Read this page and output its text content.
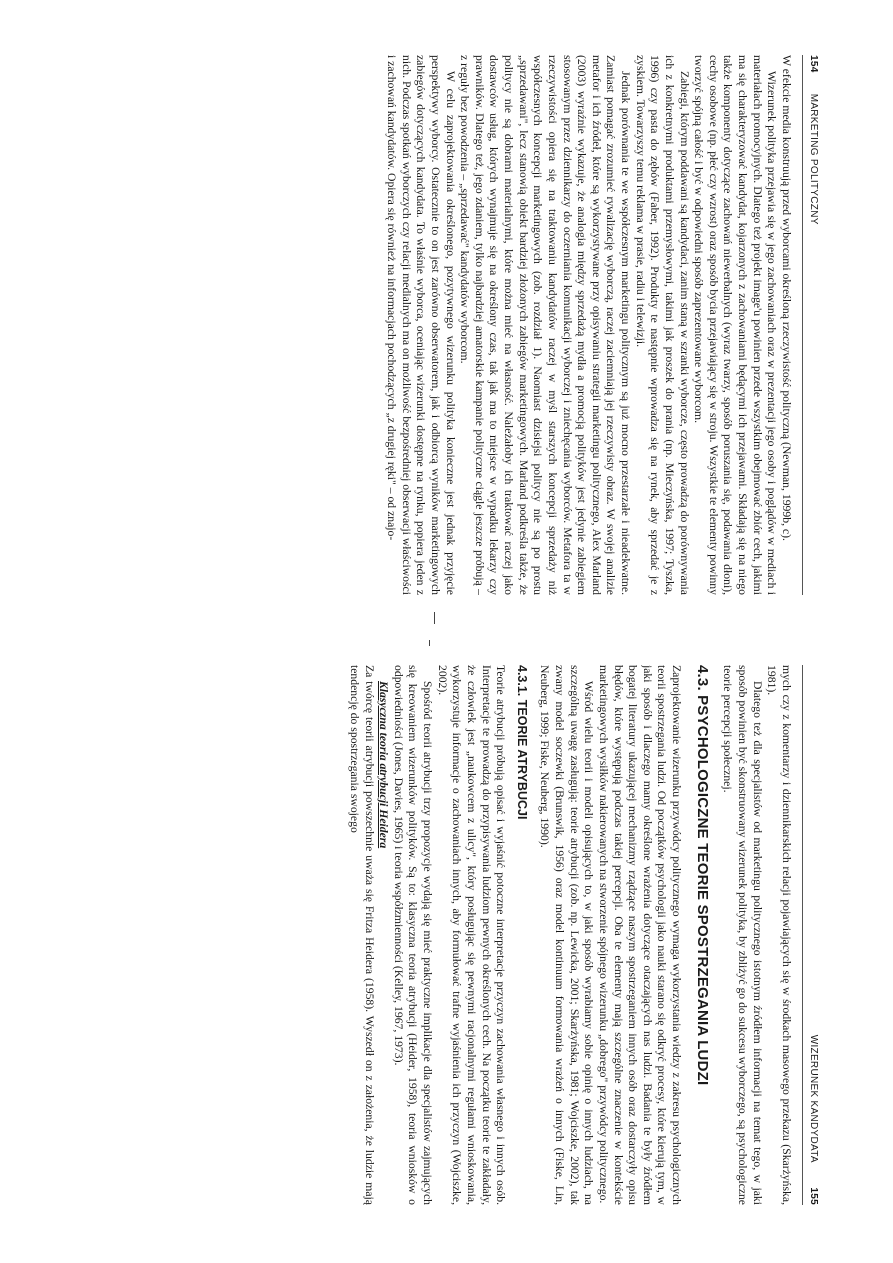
154 MARKETING POLITYCZNY

W efekcie media konstruują przed wyborcami określoną rzeczywistość polityczną (Newman, 1999b, c).

Wizerunek polityka przejawia się w jego zachowaniach oraz w prezentacji jego osoby i poglądów w mediach i materiałach promocyjnych. Dlatego też projekt image'u powinien przede wszystkim obejmować zbiór cech, jakimi ma się charakteryzować kandydat, kojarzonych z zachowaniami będącymi ich przejawami. Składają się na niego także komponenty dotyczące zachowań niewerbalnych (wyraz twarzy, sposób poruszania się, podawania dłoni), cechy osobowe (np. płeć czy wzrost) oraz sposób bycia przejawiający się w stroju. Wszystkie te elementy powinny tworzyć spójną całość i być w odpowiedni sposób zaprezentowane wyborcom.

Zabiegi, którym poddawani są kandydaci, zanim staną w szranki wyborcze, często prowadzą do porównywania ich z konkretnymi produktami przemysłowymi, takimi jak proszek do prania (np. Mieczyńska, 1997; Tyszka, 1996) czy pasta do zębów (Faber, 1992). Produkty te następnie wprowadza się na rynek, aby sprzedać je z zyskiem. Towarzyszy temu reklama w prasie, radiu i telewizji.

Jednak porównania te we współczesnym marketingu politycznym są już mocno przestarzałe i nieadekwatne. Zamiast pomagać zrozumieć rywalizację wyborczą, raczej zaciemniają jej rzeczywisty obraz. W swojej analizie metafor i ich źródeł, które są wykorzystywane przy opisywaniu strategii marketingu politycznego, Alex Marland (2003) wyraźnie wykazuje, że analogia między sprzedażą mydła a promocją polityków jest jedynie zabiegiem stosowanym przez dziennikarzy do oczerniania komunikacji wyborczej i zniechęcania wyborców. Metafora ta w rzeczywistości opiera się na traktowaniu kandydatów raczej w myśl starszych koncepcji sprzedaży niż współczesnych koncepcji marketingowych (zob. rozdział 1). Naomiast dzisiejsi politycy nie są po prostu „sprzedawani", lecz stanowią obiekt bardziej złożonych zabiegów marketingowych. Marland podkreśla także, że politycy nie są dobrami materialnymi, które można mieć na własność. Należałoby ich traktować raczej jako dostawców usług, których wynajmuje się na określony czas, tak jak ma to miejsce w wypadku lekarzy czy prawników. Dlatego też, jego zdaniem, tylko najbardziej amatorskie kampanie polityczne ciągle jeszcze próbują – z reguły bez powodzenia – „sprzedawać" kandydatów wyborcom.

W celu zaprojektowania określonego, pozytywnego wizerunku polityka konieczne jest jednak przyjęcie perspektywy wyborcy. Ostatecznie to on jest zarówno obserwatorem, jak i odbiorcą wyników marketingowych zabiegów dotyczących kandydata. To właśnie wyborca, oceniając wizerunki dostępne na rynku, popiera jeden z nich. Podczas spotkań wyborczych czy relacji medialnych ma on możliwość bezpośredniej obserwacji właściwości i zachowań kandydatów. Opiera się również na informacjach pochodzących „z drugiej ręki" – od znajo-

WIZERUNEK KANDYDATA 155

mych czy z komentarzy i dziennikarskich relacji pojawiających się w środkach masowego przekazu (Skarżyńska, 1981).

Dlatego też dla specjalistów od marketingu politycznego istotnym źródłem informacji na temat tego, w jaki sposób powinien być skonstruowany wizerunek polityka, by zbliżyć go do sukcesu wyborczego, są psychologiczne teorie percepcji społecznej.

4.3. PSYCHOLOGICZNE TEORIE SPOSTRZEGANIA LUDZI

Zaprojektowanie wizerunku przywódcy politycznego wymaga wykorzystania wiedzy z zakresu psychologicznych teorii spostrzegania ludzi. Od początków psychologii jako nauki starano się odkryć procesy, które kierują tym, w jaki sposób i dlaczego mamy określone wrażenia dotyczące otaczających nas ludzi. Badania te były źródłem bogatej literatury ukazującej mechanizmy rządzące naszym spostrzeganiem innych osób oraz dostarczyły opisu błędów, które występują podczas takiej percepcji. Oba te elementy mają szczególne znaczenie w kontekście marketingowych wysiłków nakierowanych na stworzenie spójnego wizerunku „dobrego" przywódcy politycznego.

Wśród wielu teorii i modeli opisujących to, w jaki sposób wyrabiamy sobie opinię o innych ludziach, na szczególną uwagę zasługują: teorie atrybucji (zob. np. Lewicka, 2001; Skarżyńska, 1981; Wojciszke, 2002), tak zwany model soczewki (Brunswik, 1956) oraz model kontinuum formowania wrażeń o innych (Fiske, Lin, Neuberg, 1999; Fiske, Neuberg, 1990).

4.3.1. TEORIE ATRYBUCJI

Teorie atrybucji próbują opisać i wyjaśnić potoczne interpretacje przyczyn zachowania własnego i innych osób. Interpretacje te prowadzą do przypisywania ludziom pewnych określonych cech. Na początku teorie te zakładały, że człowiek jest „naukowcem z ulicy", który posługując się pewnymi racjonalnymi regułami wnioskowania, wykorzystuje informacje o zachowaniach innych, aby formułować trafne wyjaśnienia ich przyczyn (Wojciszke, 2002).

Spośród teorii atrybucji trzy propozycje wydają się mieć praktyczne implikacje dla specjalistów zajmujących się kreowaniem wizerunków polityków. Są to: klasyczna teoria atrybucji (Heider, 1958), teoria wniosków o odpowiedniości (Jones, Davies, 1965) i teoria współzmienności (Kelley, 1967, 1973).

Klasyczna teoria atrybucji Heidera

Za twórcę teorii atrybucji powszechnie uważa się Fritza Heidera (1958). Wyszedł on z założenia, że ludzie mają tendencję do spostrzegania swojego
